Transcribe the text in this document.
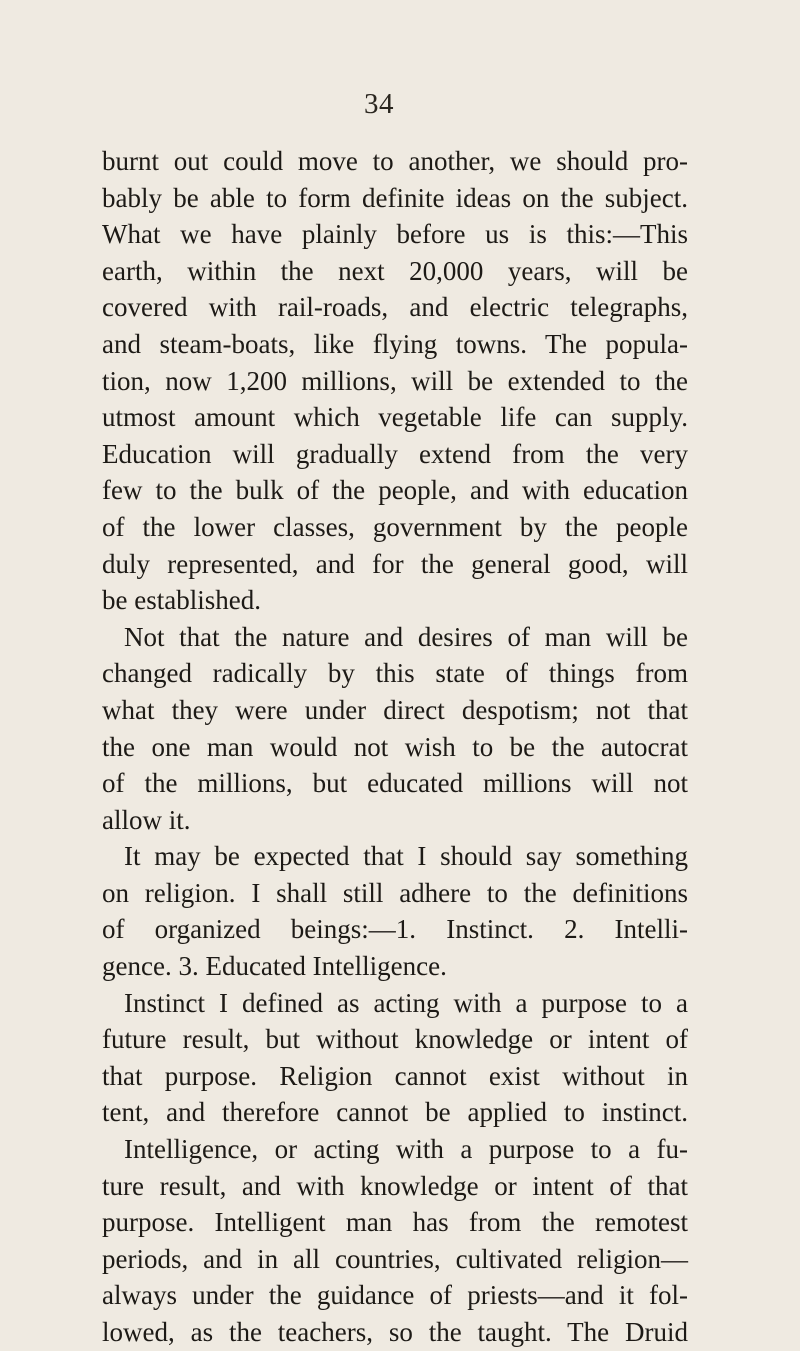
34
burnt out could move to another, we should pro-
bably be able to form definite ideas on the subject.
What we have plainly before us is this:—This
earth, within the next 20,000 years, will be
covered with rail-roads, and electric telegraphs,
and steam-boats, like flying towns. The popula-
tion, now 1,200 millions, will be extended to the
utmost amount which vegetable life can supply.
Education will gradually extend from the very
few to the bulk of the people, and with education
of the lower classes, government by the people
duly represented, and for the general good, will
be established.
Not that the nature and desires of man will be
changed radically by this state of things from
what they were under direct despotism; not that
the one man would not wish to be the autocrat
of the millions, but educated millions will not
allow it.
It may be expected that I should say something
on religion. I shall still adhere to the definitions
of organized beings:—1. Instinct. 2. Intelli-
gence. 3. Educated Intelligence.
Instinct I defined as acting with a purpose to a
future result, but without knowledge or intent of
that purpose. Religion cannot exist without in
tent, and therefore cannot be applied to instinct.
Intelligence, or acting with a purpose to a fu-
ture result, and with knowledge or intent of that
purpose. Intelligent man has from the remotest
periods, and in all countries, cultivated religion—
always under the guidance of priests—and it fol-
lowed, as the teachers, so the taught. The Druid
